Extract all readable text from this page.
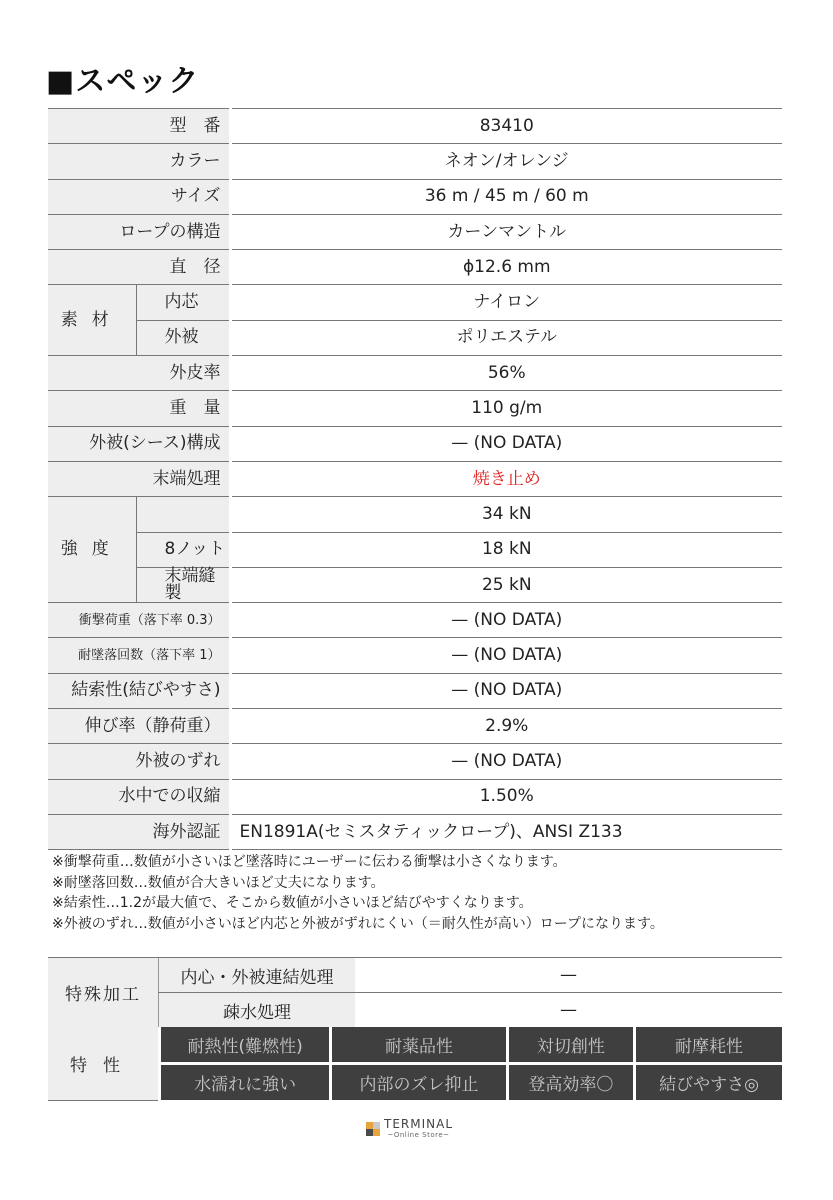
■スペック
型　番		83410
カラー		ネオン/オレンジ
サイズ		36 m / 45 m / 60 m
ロープの構造		カーンマントル
直　径		ϕ12.6 mm
素材	内芯	ナイロン
	外被	ポリエステル
外皮率		56%
重　量		110 g/m
外被(シース)構成		— (NO DATA)
末端処理		焼き止め
強度		34 kN
	8ノット	18 kN
	末端縫製	25 kN
衝撃荷重（落下率 0.3）		— (NO DATA)
耐墜落回数（落下率 1）		— (NO DATA)
結索性(結びやすさ)		— (NO DATA)
伸び率（静荷重）		2.9%
外被のずれ		— (NO DATA)
水中での収縮		1.50%
海外認証		EN1891A(セミスタティックロープ)、ANSI Z133
※衝撃荷重…数値が小さいほど墜落時にユーザーに伝わる衝撃は小さくなります。
※耐墜落回数…数値が合大きいほど丈夫になります。
※結索性…1.2が最大値で、そこから数値が小さいほど結びやすくなります。
※外被のずれ…数値が小さいほど内芯と外被がずれにくい（＝耐久性が高い）ロープになります。
特殊加工	内心・外被連結処理	—
	疎水処理	—
特性	耐熱性(難燃性)	耐薬品性	対切創性	耐摩耗性
	水濡れに強い	内部のズレ抑止	登高効率〇	結びやすさ◎
TERMINAL
~Online Store~
